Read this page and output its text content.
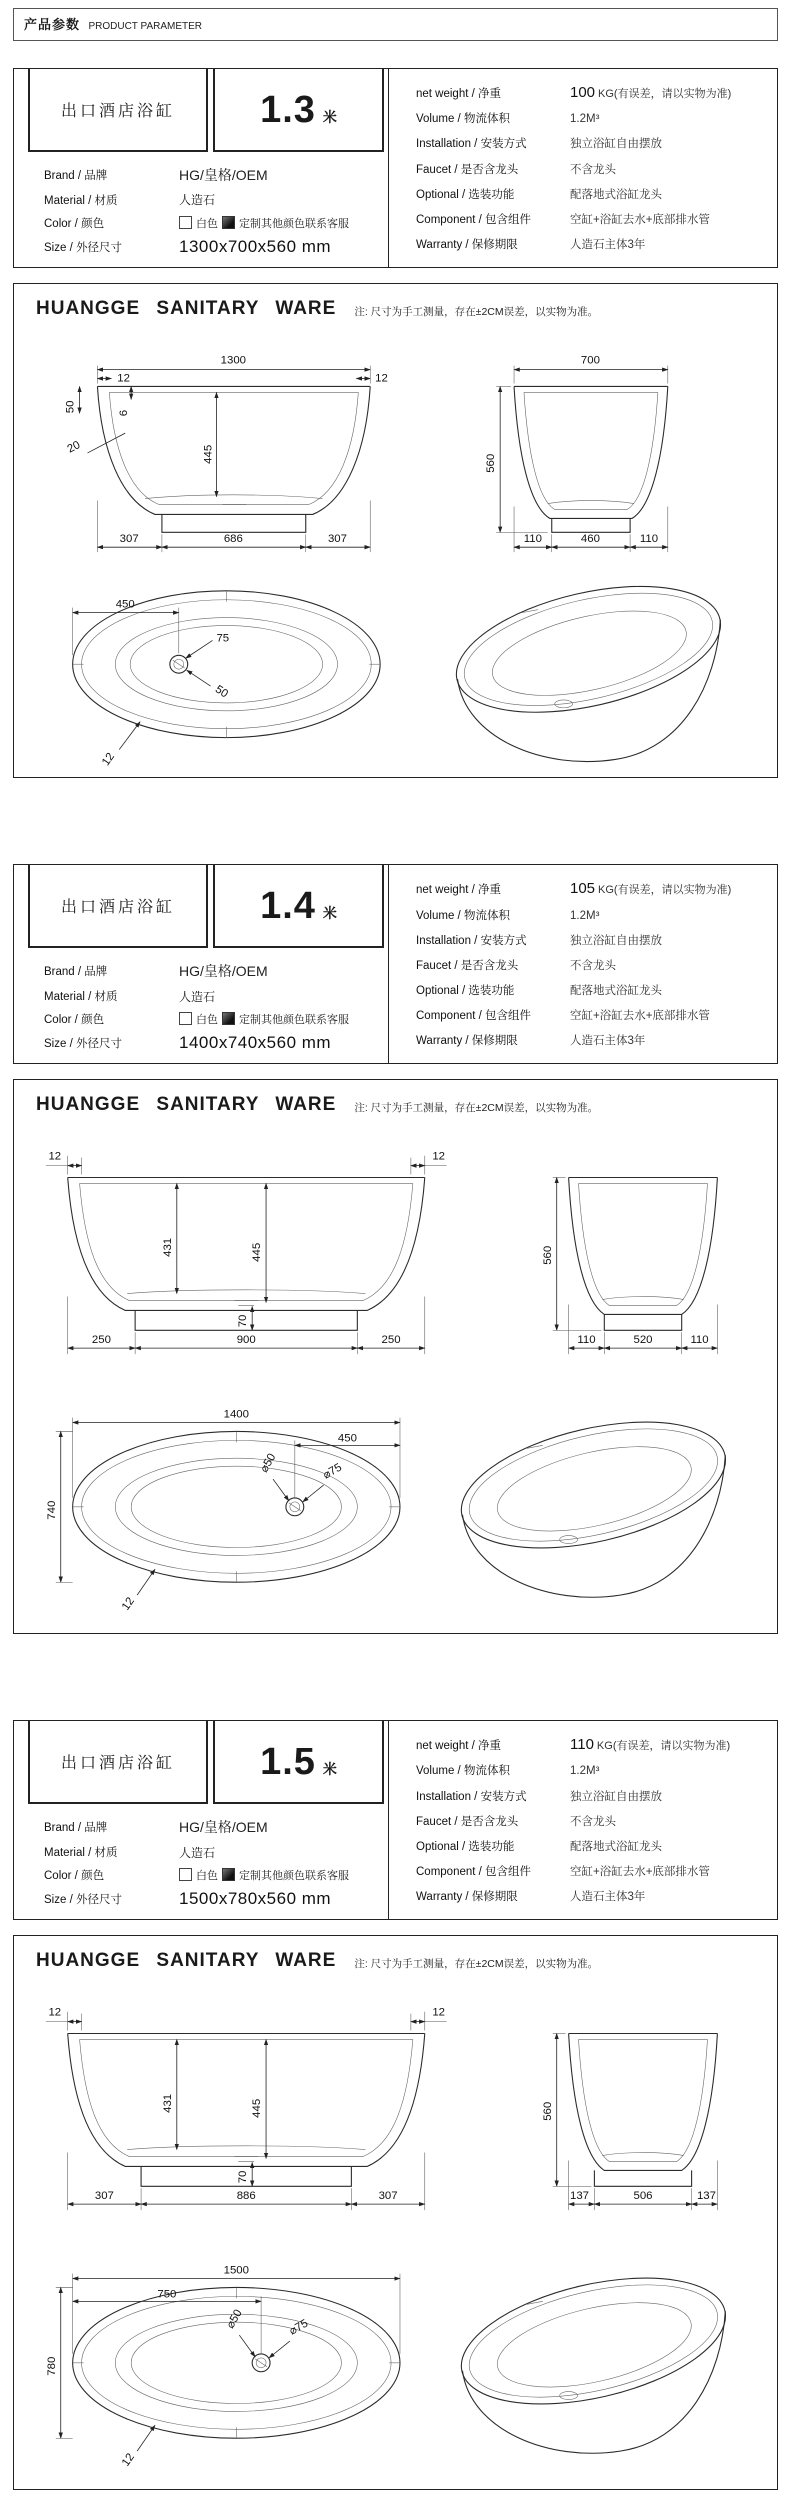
产品参数 PRODUCT PARAMETER
出口酒店浴缸 1.3 米
Brand / 品牌	HG/皇格/OEM
Material / 材质	人造石
Color / 颜色	白色 定制其他颜色联系客服
Size / 外径尺寸	1300x700x560 mm
net weight / 净重	100 KG(有误差，请以实物为准)
Volume / 物流体积	1.2M³
Installation / 安装方式	独立浴缸自由摆放
Faucet / 是否含龙头	不含龙头
Optional / 选装功能	配落地式浴缸龙头
Component / 包含组件	空缸+浴缸去水+底部排水管
Warranty / 保修期限	人造石主体3年
HUANGGE SANITARY WARE 注: 尺寸为手工测量，存在±2CM误差，以实物为准。
1300
12
50	6
445
20
307	686	307
12
700
560
110	460	110
450
75
50
12
出口酒店浴缸 1.4 米
Brand / 品牌	HG/皇格/OEM
Material / 材质	人造石
Color / 颜色	白色 定制其他颜色联系客服
Size / 外径尺寸	1400x740x560 mm
net weight / 净重	105 KG(有误差，请以实物为准)
Volume / 物流体积	1.2M³
Installation / 安装方式	独立浴缸自由摆放
Faucet / 是否含龙头	不含龙头
Optional / 选装功能	配落地式浴缸龙头
Component / 包含组件	空缸+浴缸去水+底部排水管
Warranty / 保修期限	人造石主体3年
HUANGGE SANITARY WARE 注: 尺寸为手工测量，存在±2CM误差，以实物为准。
12	12
431	445
70
250	900	250
560
110	520	110
1400
450
740
⌀50	⌀75
12
出口酒店浴缸 1.5 米
Brand / 品牌	HG/皇格/OEM
Material / 材质	人造石
Color / 颜色	白色 定制其他颜色联系客服
Size / 外径尺寸	1500x780x560 mm
net weight / 净重	110 KG(有误差，请以实物为准)
Volume / 物流体积	1.2M³
Installation / 安装方式	独立浴缸自由摆放
Faucet / 是否含龙头	不含龙头
Optional / 选装功能	配落地式浴缸龙头
Component / 包含组件	空缸+浴缸去水+底部排水管
Warranty / 保修期限	人造石主体3年
HUANGGE SANITARY WARE 注: 尺寸为手工测量，存在±2CM误差，以实物为准。
12	12
431	445
70
307	886	307
560
137	506	137
1500
750
780
⌀50	⌀75
12
